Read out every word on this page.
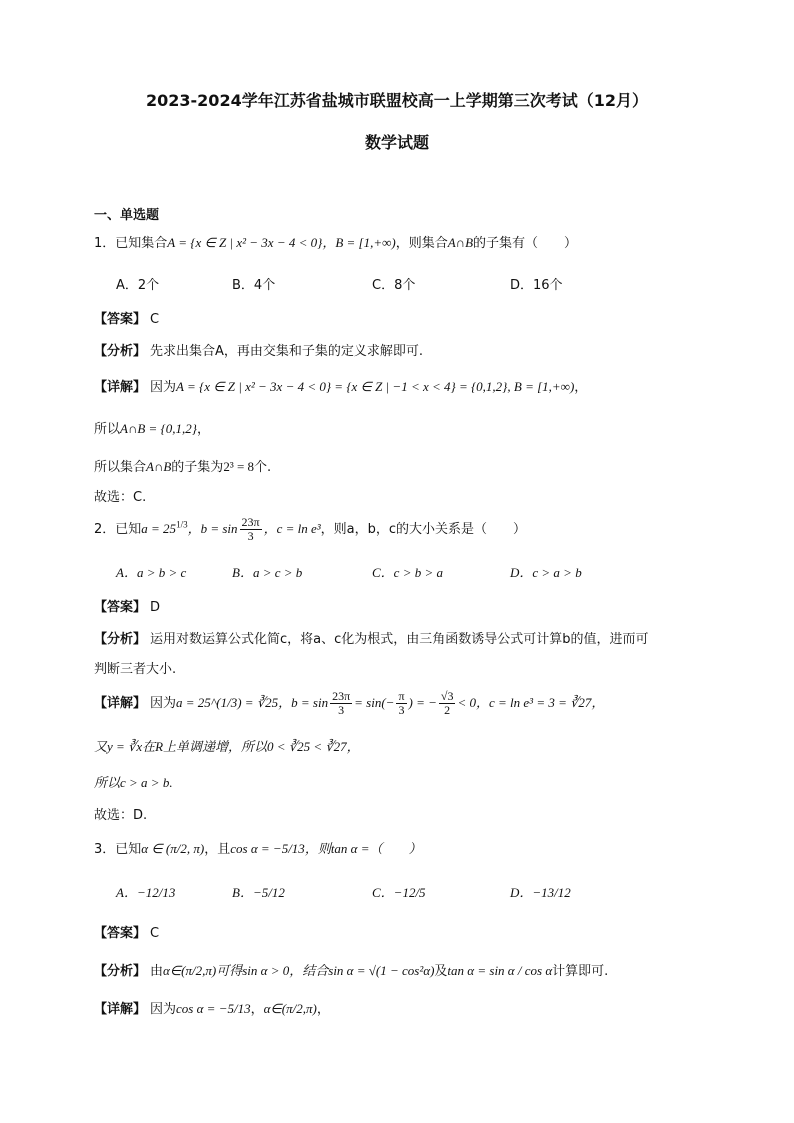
2023-2024学年江苏省盐城市联盟校高一上学期第三次考试（12月）
数学试题
一、单选题
1．已知集合A = {x ∈ Z | x² − 3x − 4 < 0}，B = [1,+∞)，则集合A∩B的子集有（　　）
A．2个	B．4个	C．8个	D．16个
【答案】 C
【分析】 先求出集合A，再由交集和子集的定义求解即可.
【详解】 因为A = {x ∈ Z | x² − 3x − 4 < 0} = {x ∈ Z | −1 < x < 4} = {0,1,2}, B = [1,+∞)，
所以A∩B = {0,1,2}，
所以集合A∩B的子集为2³ = 8个.
故选：C.
2．已知$a = 25^{1/3}$，$b = \sin \frac{23\pi}{3}$ ，c = ln e³，则a，b，c的大小关系是（　　）
A．a > b > c	B．a > c > b	C．c > b > a	D．c > a > b
【答案】 D
【分析】 运用对数运算公式化简c，将a、c化为根式，由三角函数诱导公式可计算b的值，进而可
判断三者大小.
【详解】 因为a = 25^(1/3) = ∛25，$b = \sin \frac{23\pi}{3} = \sin(- \frac{\pi}{3}$ ) = − $\frac{√3}{2} < 0$，c = ln e³ = 3 = ∛27，
又y = ∛x在R上单调递增，所以0 < ∛25 < ∛27，
所以c > a > b.
故选：D.
3．已知α ∈ (π/2, π)，且cos α = −5/13，则tan α =（　　）
A．−12/13	B．−5/12	C．−12/5	D．−13/12
【答案】 C
【分析】 由α∈(π/2,π)可得sin α > 0，结合sin α = √(1 − cos²α)及tan α = sin α / cos α计算即可.
【详解】 因为cos α = −5/13，α∈(π/2,π)，
